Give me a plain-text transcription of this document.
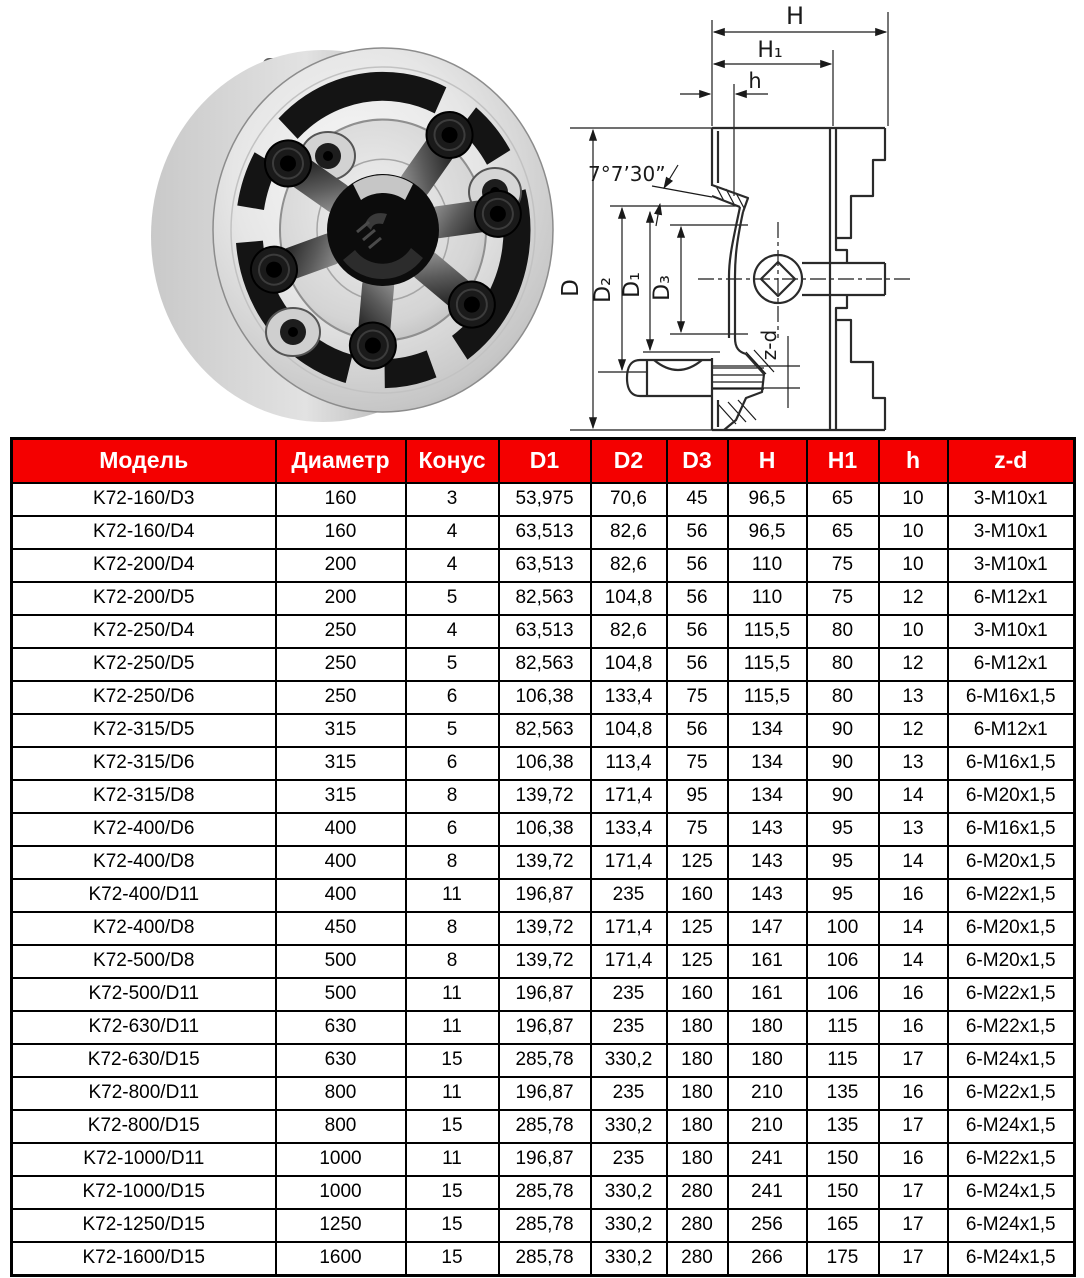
H
H₁
h
7°7’30”
D D₂ D₁ D₃
z-d
Модель	Диаметр	Конус	D1	D2	D3	H	H1	h	z-d
K72-160/D3	160	3	53,975	70,6	45	96,5	65	10	3-M10x1
K72-160/D4	160	4	63,513	82,6	56	96,5	65	10	3-M10x1
K72-200/D4	200	4	63,513	82,6	56	110	75	10	3-M10x1
K72-200/D5	200	5	82,563	104,8	56	110	75	12	6-M12x1
K72-250/D4	250	4	63,513	82,6	56	115,5	80	10	3-M10x1
K72-250/D5	250	5	82,563	104,8	56	115,5	80	12	6-M12x1
K72-250/D6	250	6	106,38	133,4	75	115,5	80	13	6-M16x1,5
K72-315/D5	315	5	82,563	104,8	56	134	90	12	6-M12x1
K72-315/D6	315	6	106,38	113,4	75	134	90	13	6-M16x1,5
K72-315/D8	315	8	139,72	171,4	95	134	90	14	6-M20x1,5
K72-400/D6	400	6	106,38	133,4	75	143	95	13	6-M16x1,5
K72-400/D8	400	8	139,72	171,4	125	143	95	14	6-M20x1,5
K72-400/D11	400	11	196,87	235	160	143	95	16	6-M22x1,5
K72-400/D8	450	8	139,72	171,4	125	147	100	14	6-M20x1,5
K72-500/D8	500	8	139,72	171,4	125	161	106	14	6-M20x1,5
K72-500/D11	500	11	196,87	235	160	161	106	16	6-M22x1,5
K72-630/D11	630	11	196,87	235	180	180	115	16	6-M22x1,5
K72-630/D15	630	15	285,78	330,2	180	180	115	17	6-M24x1,5
K72-800/D11	800	11	196,87	235	180	210	135	16	6-M22x1,5
K72-800/D15	800	15	285,78	330,2	180	210	135	17	6-M24x1,5
K72-1000/D11	1000	11	196,87	235	180	241	150	16	6-M22x1,5
K72-1000/D15	1000	15	285,78	330,2	280	241	150	17	6-M24x1,5
K72-1250/D15	1250	15	285,78	330,2	280	256	165	17	6-M24x1,5
K72-1600/D15	1600	15	285,78	330,2	280	266	175	17	6-M24x1,5
